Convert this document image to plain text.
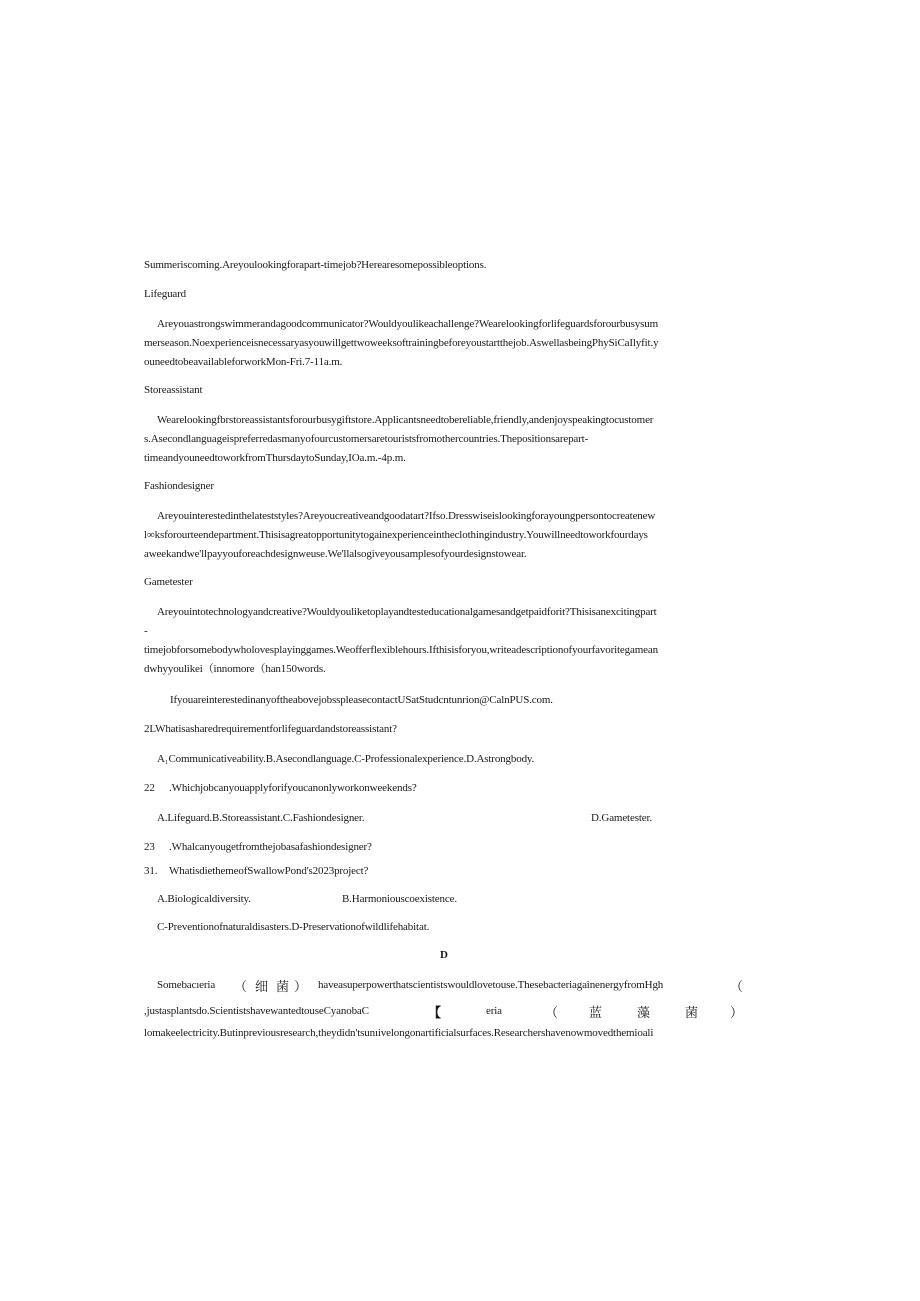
Summeriscoming.Areyoulookingforapart-timejob?Herearesomepossibleoptions.
Lifeguard
Areyouastrongswimmerandagoodcommunicator?Wouldyoulikeachallenge?Wearelookingforlifeguardsforourbusysum
merseason.Noexperienceisnecessaryasyouwillgettwoweeksoftrainingbeforeyoustartthejob.AswellasbeingPhySiCaIlyfit.y
ouneedtobeavailableforworkMon-Fri.7-11a.m.
Storeassistant
Wearelookingfbrstoreassistantsforourbusygiftstore.Applicantsneedtobereliable,friendly,andenjoyspeakingtocustomer
s.Asecondlanguageispreferredasmanyofourcustomersaretouristsfromothercountries.Thepositionsarepart-
timeandyouneedtoworkfromThursdaytoSunday,IOa.m.-4p.m.
Fashiondesigner
Areyouinterestedinthelateststyles?Areyoucreativeandgoodatart?Ifso.Dresswiseislookingforayoungpersontocreatenew
l∞ksforourteendepartment.Thisisagreatopportunitytogainexperienceintheclothingindustry.Youwillneedtoworkfourdays
aweekandwe'llpayyouforeachdesignweuse.We'llalsogiveyousamplesofyourdesignstowear.
Gametester
Areyouintotechnologyandcreative?Wouldyouliketoplayandtesteducationalgamesandgetpaidforit?Thisisanexcitingpart
-
timejobforsomebodywholovesplayinggames.Weofferflexiblehours.Ifthisisforyou,writeadescriptionofyourfavoritegamean
dwhyyoulikei（innomore（han150words.
IfyouareinterestedinanyoftheabovejobsspleasecontactUSatStudcntunrion@CalnPUS.com.
2LWhatisasharedrequirementforlifeguardandstoreassistant?
A₁Communicativeability.B.Asecondlanguage.C-Professionalexperience.D.Astrongbody.
22 .Whichjobcanyouapplyforifyoucanonlyworkonweekends?
A.Lifeguard.B.Storeassistant.C.Fashiondesigner.	D.Gametester.
23 .Whalcanyougetfromthejobasafashiondesigner?
31. WhatisdiethemeofSwallowPond's2023project?
A.Biologicaldiversity.	B.Harmoniouscoexistence.
C-Preventionofnaturaldisasters.D-Preservationofwildlifehabitat.
D
Somebacıeria （ 细 菌 ） haveasuperpowerthatscientistswouldlovetouse.ThesebacteriagainenergyfromHgh	（
,justasplantsdo.ScientistshavewantedtouseCyanobaC	【	eria	（ 蓝	藻	菌 ）
lomakeelectricity.Butinpreviousresearch,theydidn'tsunıivelongonartificialsurfaces.Researchershavenowmovedthemioali
